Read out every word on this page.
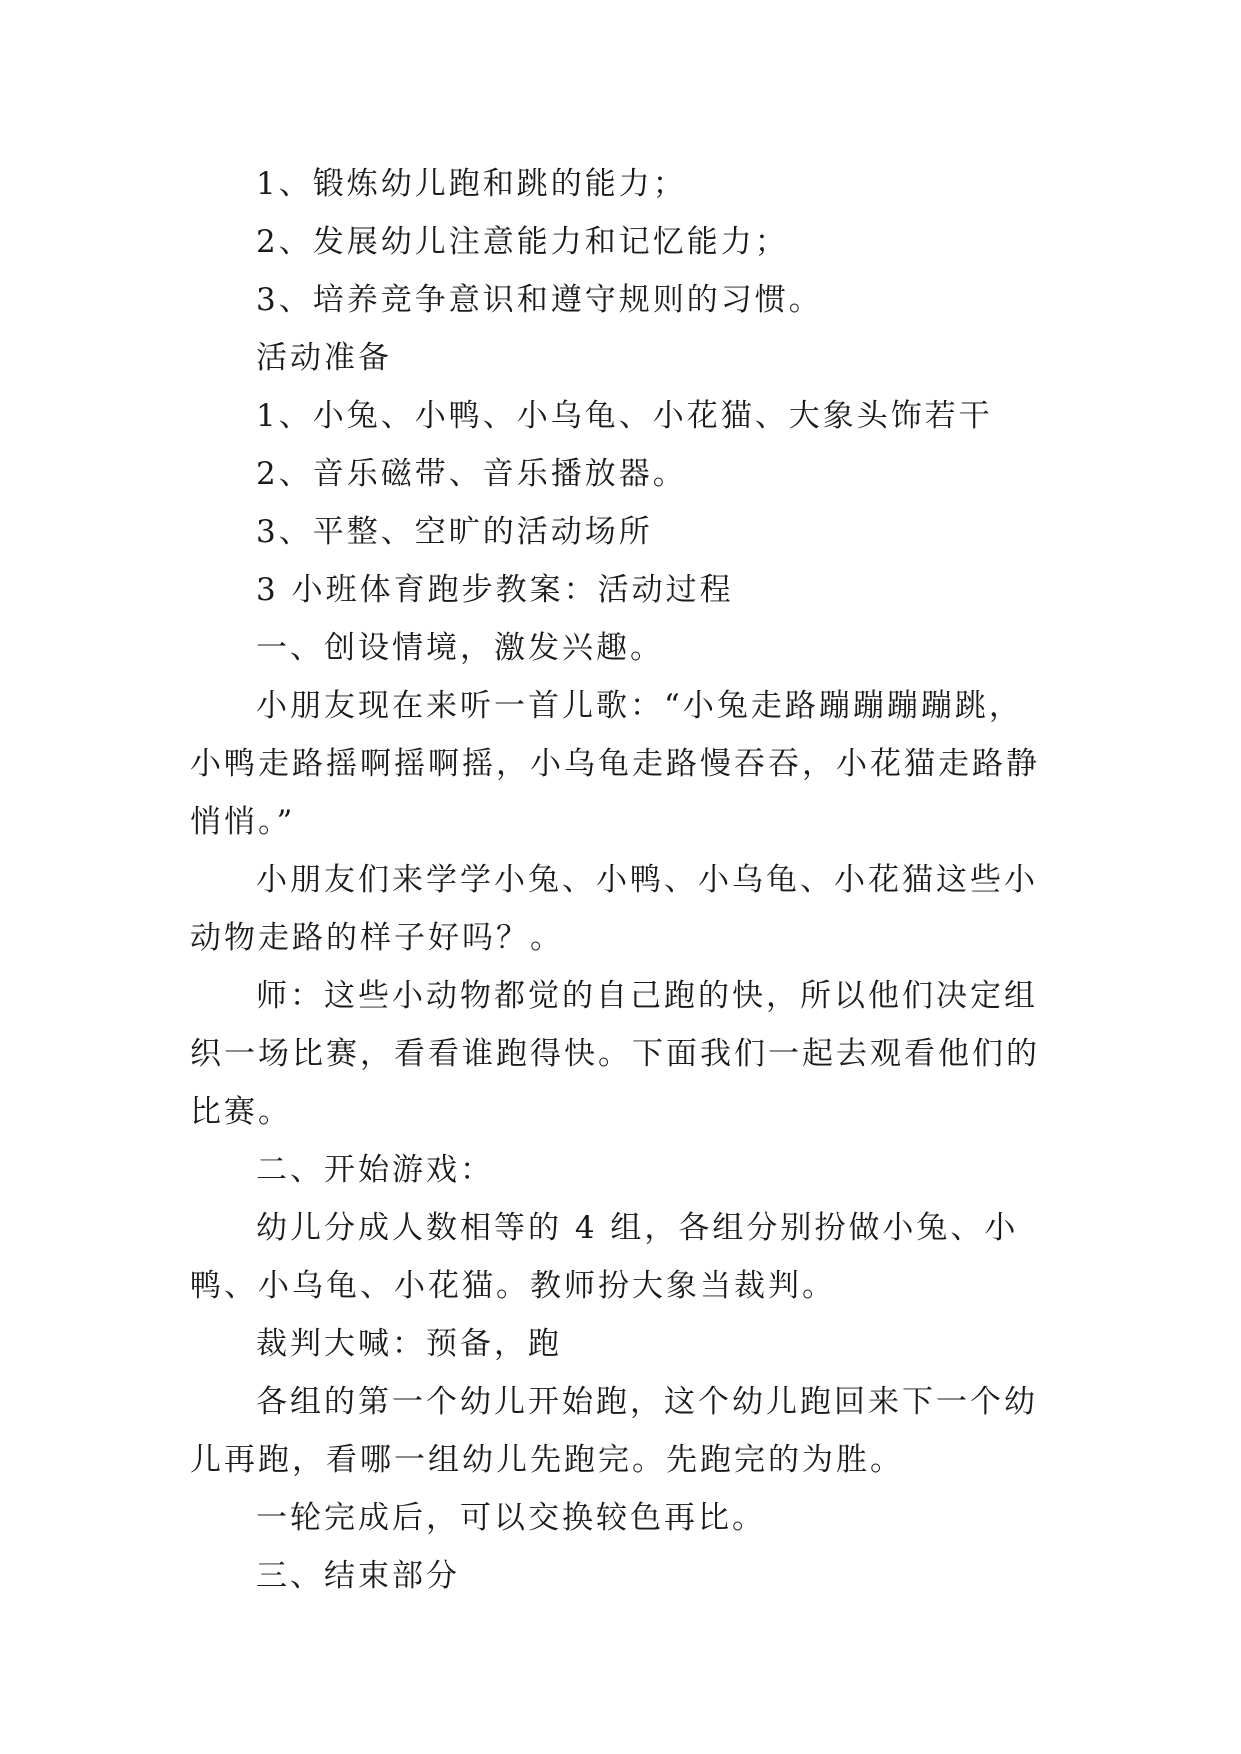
1、锻炼幼儿跑和跳的能力；

2、发展幼儿注意能力和记忆能力；

3、培养竞争意识和遵守规则的习惯。

活动准备

1、小兔、小鸭、小乌龟、小花猫、大象头饰若干

2、音乐磁带、音乐播放器。

3、平整、空旷的活动场所

3 小班体育跑步教案：活动过程

一、创设情境，激发兴趣。

小朋友现在来听一首儿歌：“小兔走路蹦蹦蹦蹦跳，小鸭走路摇啊摇啊摇，小乌龟走路慢吞吞，小花猫走路静悄悄。”

小朋友们来学学小兔、小鸭、小乌龟、小花猫这些小动物走路的样子好吗？。

师：这些小动物都觉的自己跑的快，所以他们决定组织一场比赛，看看谁跑得快。下面我们一起去观看他们的比赛。

二、开始游戏：

幼儿分成人数相等的 4 组，各组分别扮做小兔、小鸭、小乌龟、小花猫。教师扮大象当裁判。

裁判大喊：预备，跑

各组的第一个幼儿开始跑，这个幼儿跑回来下一个幼儿再跑，看哪一组幼儿先跑完。先跑完的为胜。

一轮完成后，可以交换较色再比。

三、结束部分
